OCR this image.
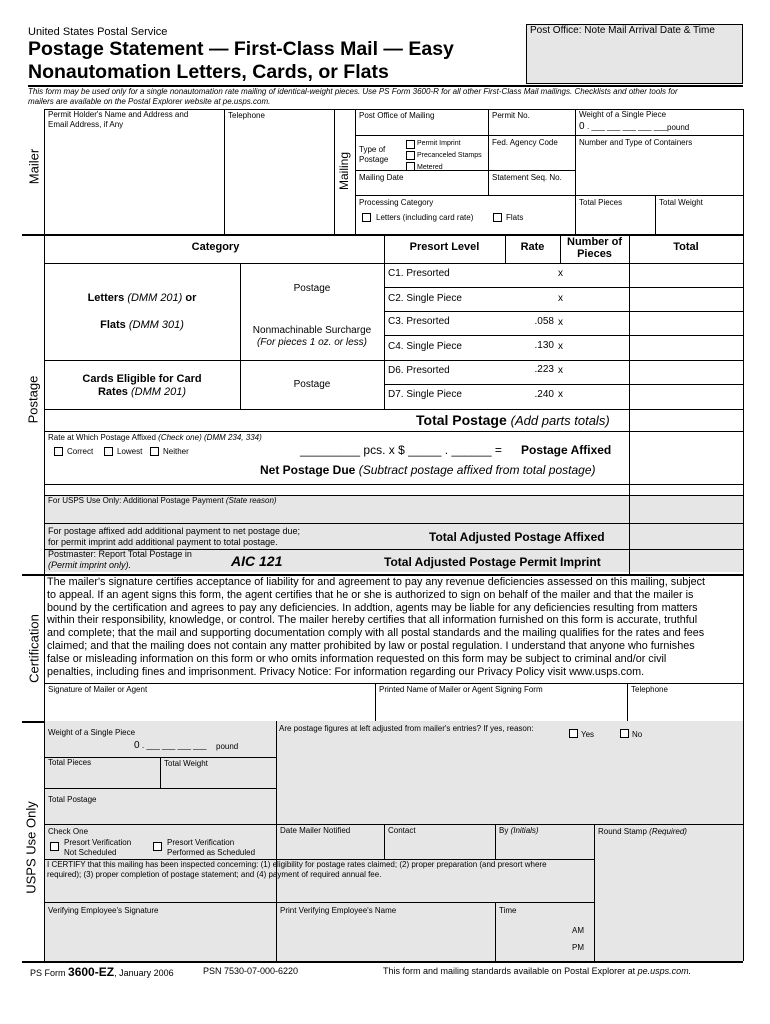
United States Postal Service
Postage Statement — First-Class Mail — Easy
Nonautomation Letters, Cards, or Flats
Post Office: Note Mail Arrival Date & Time
This form may be used only for a single nonautomation rate mailing of identical-weight pieces. Use PS Form 3600-R for all other First-Class Mail mailings. Checklists and other tools for
mailers are available on the Postal Explorer website at pe.usps.com.
Mailer
Permit Holder's Name and Address and
Email Address, if Any
Telephone
Mailing
Post Office of Mailing	Permit No.	Weight of a Single Piece
0 . ___ ___ ___ ___ ___ pound
Type of
Postage
Permit Imprint
Precanceled Stamps
Metered
Fed. Agency Code	Number and Type of Containers
Mailing Date	Statement Seq. No.
Processing Category
Letters (including card rate)	Flats
Total Pieces	Total Weight
Postage
Category	Presort Level	Rate	Number of
Pieces
Total
Letters (DMM 201) or
Flats (DMM 301)
Cards Eligible for Card
Rates (DMM 201)
Postage
Nonmachinable Surcharge
(For pieces 1 oz. or less)
Postage
C1. Presorted	x
C2. Single Piece	x
C3. Presorted	.058 x
C4. Single Piece	.130 x
D6. Presorted	.223 x
D7. Single Piece	.240 x
Total Postage (Add parts totals)
Rate at Which Postage Affixed (Check one) (DMM 234, 334)
Correct	Lowest	Neither	_________ pcs. x $ _____ . ______ = Postage Affixed
Net Postage Due (Subtract postage affixed from total postage)
For USPS Use Only: Additional Postage Payment (State reason)
For postage affixed add additional payment to net postage due;
for permit imprint add additional payment to total postage.	Total Adjusted Postage Affixed
Postmaster: Report Total Postage in
(Permit imprint only).	AIC 121	Total Adjusted Postage Permit Imprint
Certification
The mailer's signature certifies acceptance of liability for and agreement to pay any revenue deficiencies assessed on this mailing, subject
to appeal. If an agent signs this form, the agent certifies that he or she is authorized to sign on behalf of the mailer and that the mailer is
bound by the certification and agrees to pay any deficiencies. In addtion, agents may be liable for any deficiencies resulting from matters
within their responsibility, knowledge, or control. The mailer hereby certifies that all information furnished on this form is accurate, truthful
and complete; that the mail and supporting documentation comply with all postal standards and the mailing qualifies for the rates and fees
claimed; and that the mailing does not contain any matter prohibited by law or postal regulation. I understand that anyone who furnishes
false or misleading information on this form or who omits information requested on this form may be subject to criminal and/or civil
penalties, including fines and imprisonment. Privacy Notice: For information regarding our Privacy Policy visit www.usps.com.
Signature of Mailer or Agent	Printed Name of Mailer or Agent Signing Form	Telephone
USPS Use Only
Weight of a Single Piece
0 . ___ ___ ___ ___ pound
Are postage figures at left adjusted from mailer's entries? If yes, reason:
Yes	No
Total Pieces	Total Weight
Total Postage
Check One
Presort Verification
Not Scheduled
Presort Verification
Performed as Scheduled
Date Mailer Notified	Contact	By (Initials)	Round Stamp (Required)
I CERTIFY that this mailing has been inspected concerning: (1) eligibility for postage rates claimed; (2) proper preparation (and presort where
required); (3) proper completion of postage statement; and (4) payment of required annual fee.
Verifying Employee's Signature	Print Verifying Employee's Name	Time
AM
PM
PS Form 3600-EZ, January 2006	PSN 7530-07-000-6220	This form and mailing standards available on Postal Explorer at pe.usps.com.
